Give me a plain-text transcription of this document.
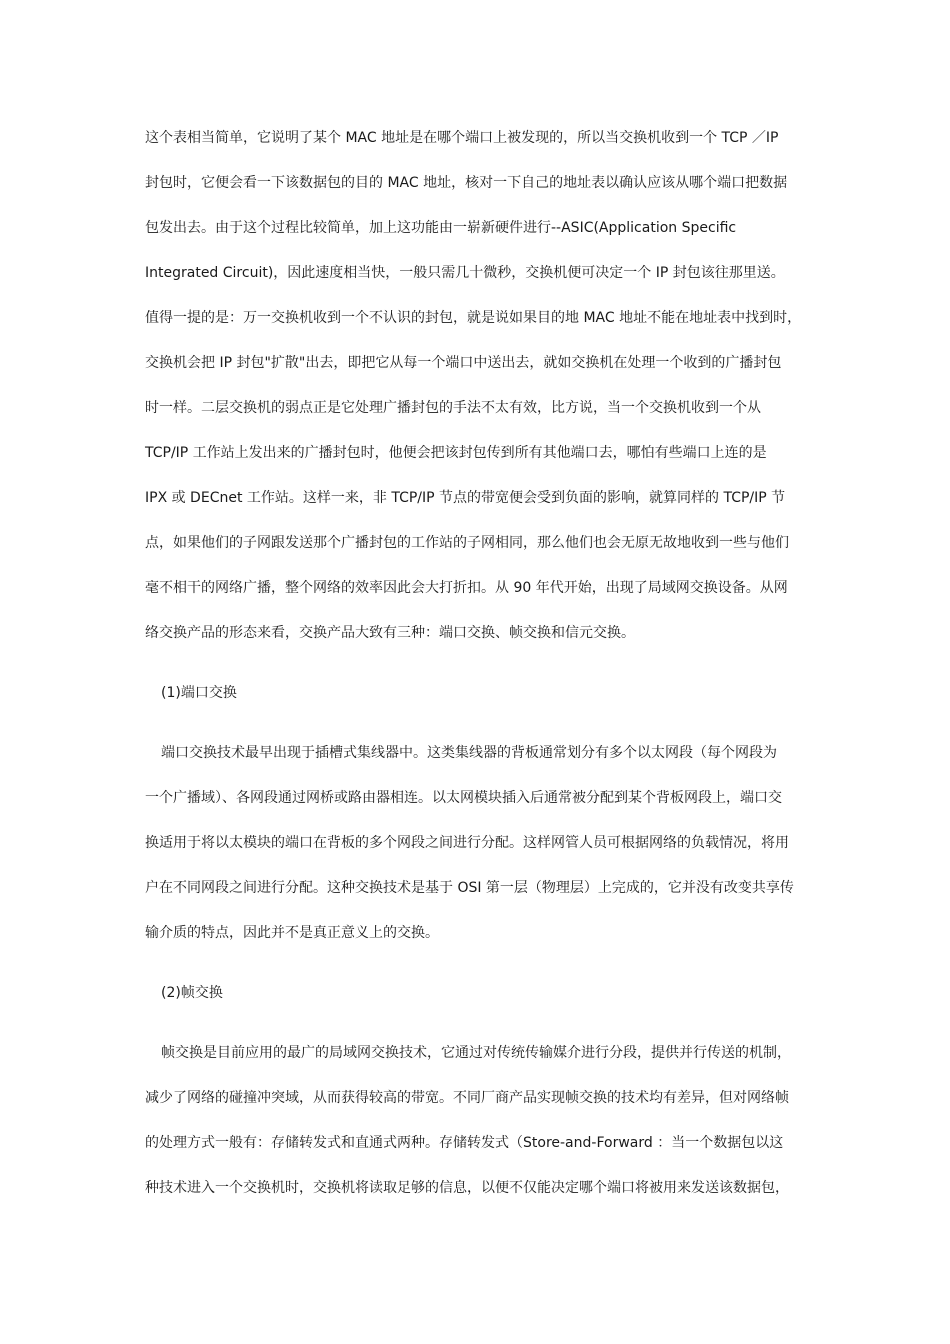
这个表相当简单，它说明了某个 MAC 地址是在哪个端口上被发现的，所以当交换机收到一个 TCP ／IP
封包时，它便会看一下该数据包的目的 MAC 地址，核对一下自己的地址表以确认应该从哪个端口把数据
包发出去。由于这个过程比较简单，加上这功能由一崭新硬件进行--ASIC(Application Specific
Integrated Circuit)，因此速度相当快，一般只需几十微秒，交换机便可决定一个 IP 封包该往那里送。
值得一提的是：万一交换机收到一个不认识的封包，就是说如果目的地 MAC 地址不能在地址表中找到时，
交换机会把 IP 封包"扩散"出去，即把它从每一个端口中送出去，就如交换机在处理一个收到的广播封包
时一样。二层交换机的弱点正是它处理广播封包的手法不太有效，比方说，当一个交换机收到一个从
TCP/IP 工作站上发出来的广播封包时，他便会把该封包传到所有其他端口去，哪怕有些端口上连的是
IPX 或 DECnet 工作站。这样一来，非 TCP/IP 节点的带宽便会受到负面的影响，就算同样的 TCP/IP 节
点，如果他们的子网跟发送那个广播封包的工作站的子网相同，那么他们也会无原无故地收到一些与他们
毫不相干的网络广播，整个网络的效率因此会大打折扣。从 90 年代开始，出现了局域网交换设备。从网
络交换产品的形态来看，交换产品大致有三种：端口交换、帧交换和信元交换。
(1)端口交换
端口交换技术最早出现于插槽式集线器中。这类集线器的背板通常划分有多个以太网段（每个网段为
一个广播域）、各网段通过网桥或路由器相连。以太网模块插入后通常被分配到某个背板网段上，端口交
换适用于将以太模块的端口在背板的多个网段之间进行分配。这样网管人员可根据网络的负载情况，将用
户在不同网段之间进行分配。这种交换技术是基于 OSI 第一层（物理层）上完成的，它并没有改变共享传
输介质的特点，因此并不是真正意义上的交换。
(2)帧交换
帧交换是目前应用的最广的局域网交换技术，它通过对传统传输媒介进行分段，提供并行传送的机制，
减少了网络的碰撞冲突域，从而获得较高的带宽。不同厂商产品实现帧交换的技术均有差异，但对网络帧
的处理方式一般有：存储转发式和直通式两种。存储转发式（Store-and-Forward ：当一个数据包以这
种技术进入一个交换机时，交换机将读取足够的信息，以便不仅能决定哪个端口将被用来发送该数据包，
